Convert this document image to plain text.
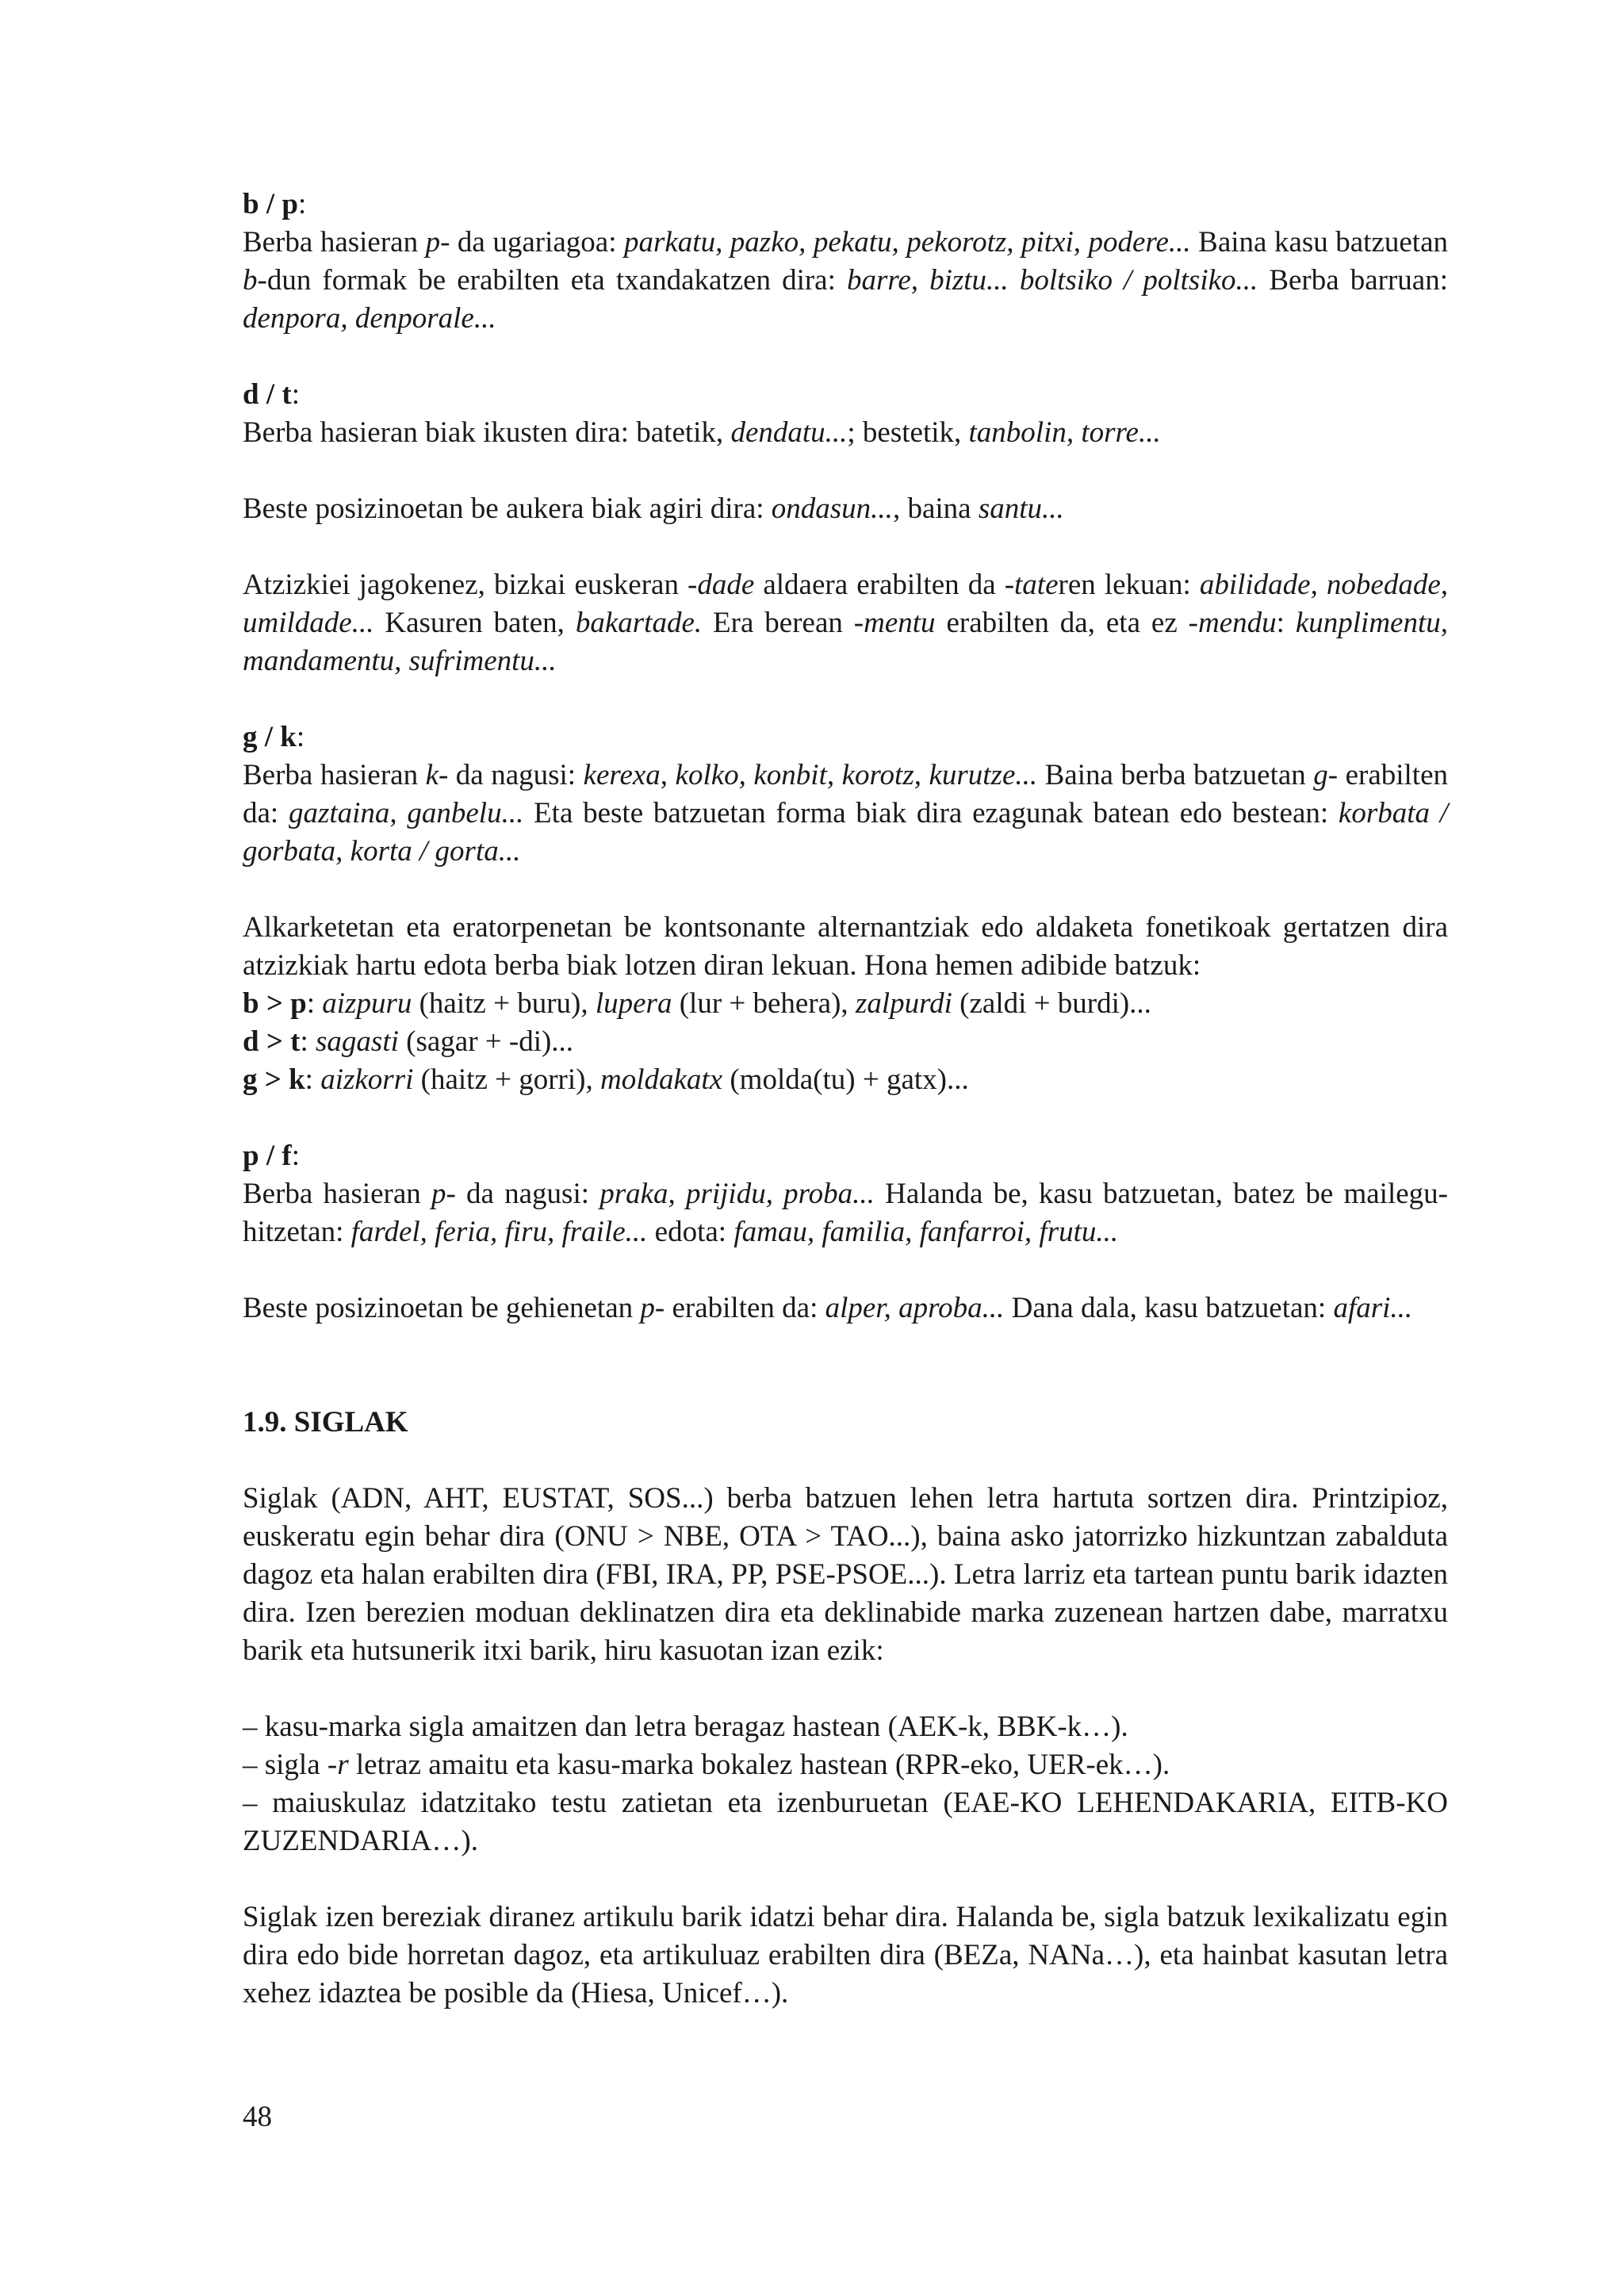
b / p:

Berba hasieran p- da ugariagoa: parkatu, pazko, pekatu, pekorotz, pitxi, podere... Baina kasu batzuetan b-dun formak be erabilten eta txandakatzen dira: barre, biztu... boltsiko / poltsiko... Berba barruan: denpora, denporale...

d / t:

Berba hasieran biak ikusten dira: batetik, dendatu...; bestetik, tanbolin, torre...

Beste posizinoetan be aukera biak agiri dira: ondasun..., baina santu...

Atzizkiei jagokenez, bizkai euskeran -dade aldaera erabilten da -tateren lekuan: abilidade, nobedade, umildade... Kasuren baten, bakartade. Era berean -mentu erabilten da, eta ez -mendu: kunplimentu, mandamentu, sufrimentu...

g / k:

Berba hasieran k- da nagusi: kerexa, kolko, konbit, korotz, kurutze... Baina berba batzuetan g- erabilten da: gaztaina, ganbelu... Eta beste batzuetan forma biak dira ezagunak batean edo bestean: korbata / gorbata, korta / gorta...

Alkarketetan eta eratorpenetan be kontsonante alternantziak edo aldaketa fonetikoak gertatzen dira atzizkiak hartu edota berba biak lotzen diran lekuan. Hona hemen adibide batzuk:

b > p: aizpuru (haitz + buru), lupera (lur + behera), zalpurdi (zaldi + burdi)...

d > t: sagasti (sagar + -di)...

g > k: aizkorri (haitz + gorri), moldakatx (molda(tu) + gatx)...

p / f:

Berba hasieran p- da nagusi: praka, prijidu, proba... Halanda be, kasu batzuetan, batez be mailegu-hitzetan: fardel, feria, firu, fraile... edota: famau, familia, fanfarroi, frutu...

Beste posizinoetan be gehienetan p- erabilten da: alper, aproba... Dana dala, kasu batzuetan: afari...

1.9. SIGLAK

Siglak (ADN, AHT, EUSTAT, SOS...) berba batzuen lehen letra hartuta sortzen dira. Printzipioz, euskeratu egin behar dira (ONU > NBE, OTA > TAO...), baina asko jatorrizko hizkuntzan zabalduta dagoz eta halan erabilten dira (FBI, IRA, PP, PSE-PSOE...). Letra larriz eta tartean puntu barik idazten dira. Izen berezien moduan deklinatzen dira eta deklinabide marka zuzenean hartzen dabe, marratxu barik eta hutsunerik itxi barik, hiru kasuotan izan ezik:

– kasu-marka sigla amaitzen dan letra beragaz hastean (AEK-k, BBK-k…).

– sigla -r letraz amaitu eta kasu-marka bokalez hastean (RPR-eko, UER-ek…).

– maiuskulaz idatzitako testu zatietan eta izenburuetan (EAE-KO LEHENDAKARIA, EITB-KO ZUZENDARIA…).

Siglak izen bereziak diranez artikulu barik idatzi behar dira. Halanda be, sigla batzuk lexikalizatu egin dira edo bide horretan dagoz, eta artikuluaz erabilten dira (BEZa, NANa…), eta hainbat kasutan letra xehez idaztea be posible da (Hiesa, Unicef…).

48
